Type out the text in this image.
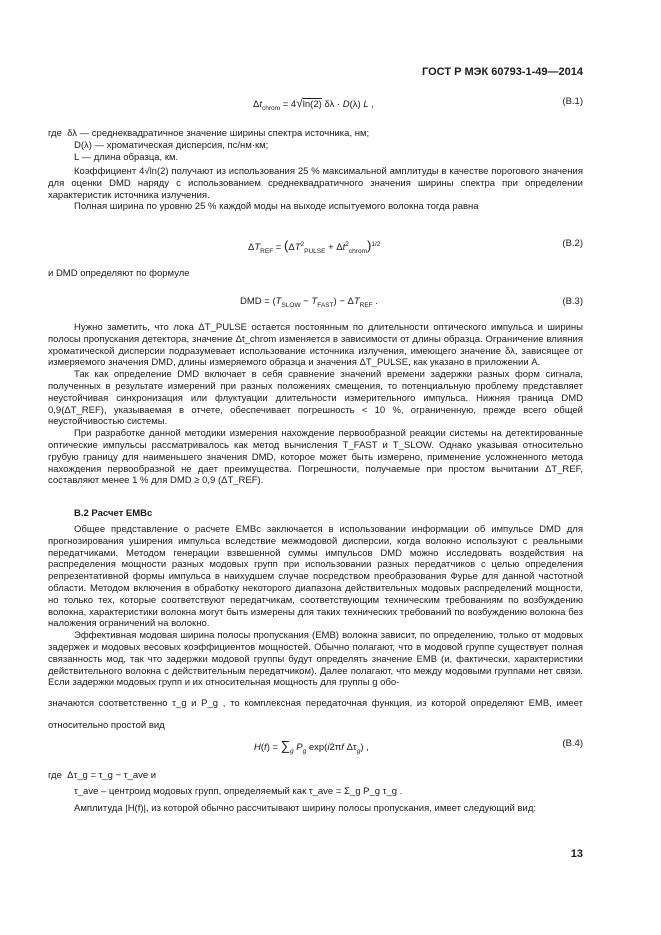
ГОСТ Р МЭК 60793-1-49—2014
$\Delta t_{chrom} = 4√\ln(2) \delta\lambda \cdot D(\lambda)$ L ,	(B.1)

где δλ — среднеквадратичное значение ширины спектра источника, нм;

D(λ) — хроматическая дисперсия, пс/нм·км;

L — длина образца, км.

Коэффициент 4√ln(2) получают из использования 25 % максимальной амплитуды в качестве порогового значения для оценки DMD наряду с использованием среднеквадратичного значения ширины спектра при определении характеристик источника излучения.

Полная ширина по уровню 25 % каждой моды на выходе испытуемого волокна тогда равна

$\Delta T_{REF} = (\Delta T^2_{PULSE} + \Delta t^2_{chrom})^{1/2}$	(B.2)

и DMD определяют по формуле

DMD = $(T_{SLOW} - T_{FAST}) - \Delta T_{REF}$ .	(B.3)

Нужно заметить, что лока ΔT_PULSE остается постоянным по длительности оптического импульса и ширины полосы пропускания детектора, значение Δt_chrom изменяется в зависимости от длины образца. Ограничение влияния хроматической дисперсии подразумевает использование источника излучения, имеющего значение δλ, зависящее от измеряемого значения DMD, длины измеряемого образца и значения ΔT_PULSE, как указано в приложении А.

Так как определение DMD включает в себя сравнение значений времени задержки разных форм сигнала, полученных в результате измерений при разных положениях смещения, то потенциальную проблему представляет неустойчивая синхронизация или флуктуации длительности измерительного импульса. Нижняя граница DMD 0,9(ΔT_REF), указываемая в отчете, обеспечивает погрешность < 10 %, ограниченную, прежде всего общей неустойчивостью системы.

При разработке данной методики измерения нахождение первообразной реакции системы на детектированные оптические импульсы рассматривалось как метод вычисления T_FAST и T_SLOW. Однако указывая относительно грубую границу для наименьшего значения DMD, которое может быть измерено, применение усложненного метода нахождения первообразной не дает преимущества. Погрешности, получаемые при простом вычитании ΔT_REF, составляют менее 1 % для DMD ≥ 0,9 (ΔT_REF).

B.2 Расчет EMBc

Общее представление о расчете EMBc заключается в использовании информации об импульсе DMD для прогнозирования уширения импульса вследствие межмодовой дисперсии, когда волокно используют с реальными передатчиками. Методом генерации взвешенной суммы импульсов DMD можно исследовать воздействия на распределения мощности разных модовых групп при использовании разных передатчиков с целью определения репрезентативной формы импульса в наихудшем случае посредством преобразования Фурье для данной частотной области. Методом включения в обработку некоторого диапазона действительных модовых распределений мощности, но только тех, которые соответствуют передатчикам, соответствующим техническим требованиям по возбуждению волокна, характеристики волокна могут быть измерены для таких технических требований по возбуждению волокна без наложения ограничений на волокно.

Эффективная модовая ширина полосы пропускания (EMB) волокна зависит, по определению, только от модовых задержек и модовых весовых коэффициентов мощностей. Обычно полагают, что в модовой группе существует полная связанность мод, так что задержки модовой группы будут определять значение EMB (и, фактически, характеристики действительного волокна с действительным передатчиком). Далее полагают, что между модовыми группами нет связи. Если задержки модовых групп и их относительная мощность для группы g обо-

значаются соответственно τ_g и P_g , то комплексная передаточная функция, из которой определяют EMB, имеет относительно простой вид

$H(f) = \sum_g$ $P_g$ exp(i2πf $\Delta\tau_g$) ,	(B.4)

где Δτ_g = τ_g − τ_ave и

τ_ave – центроид модовых групп, определяемый как τ_ave = Σ_g P_g τ_g .

Амплитуда |H(f)|, из которой обычно рассчитывают ширину полосы пропускания, имеет следующий вид:

13
